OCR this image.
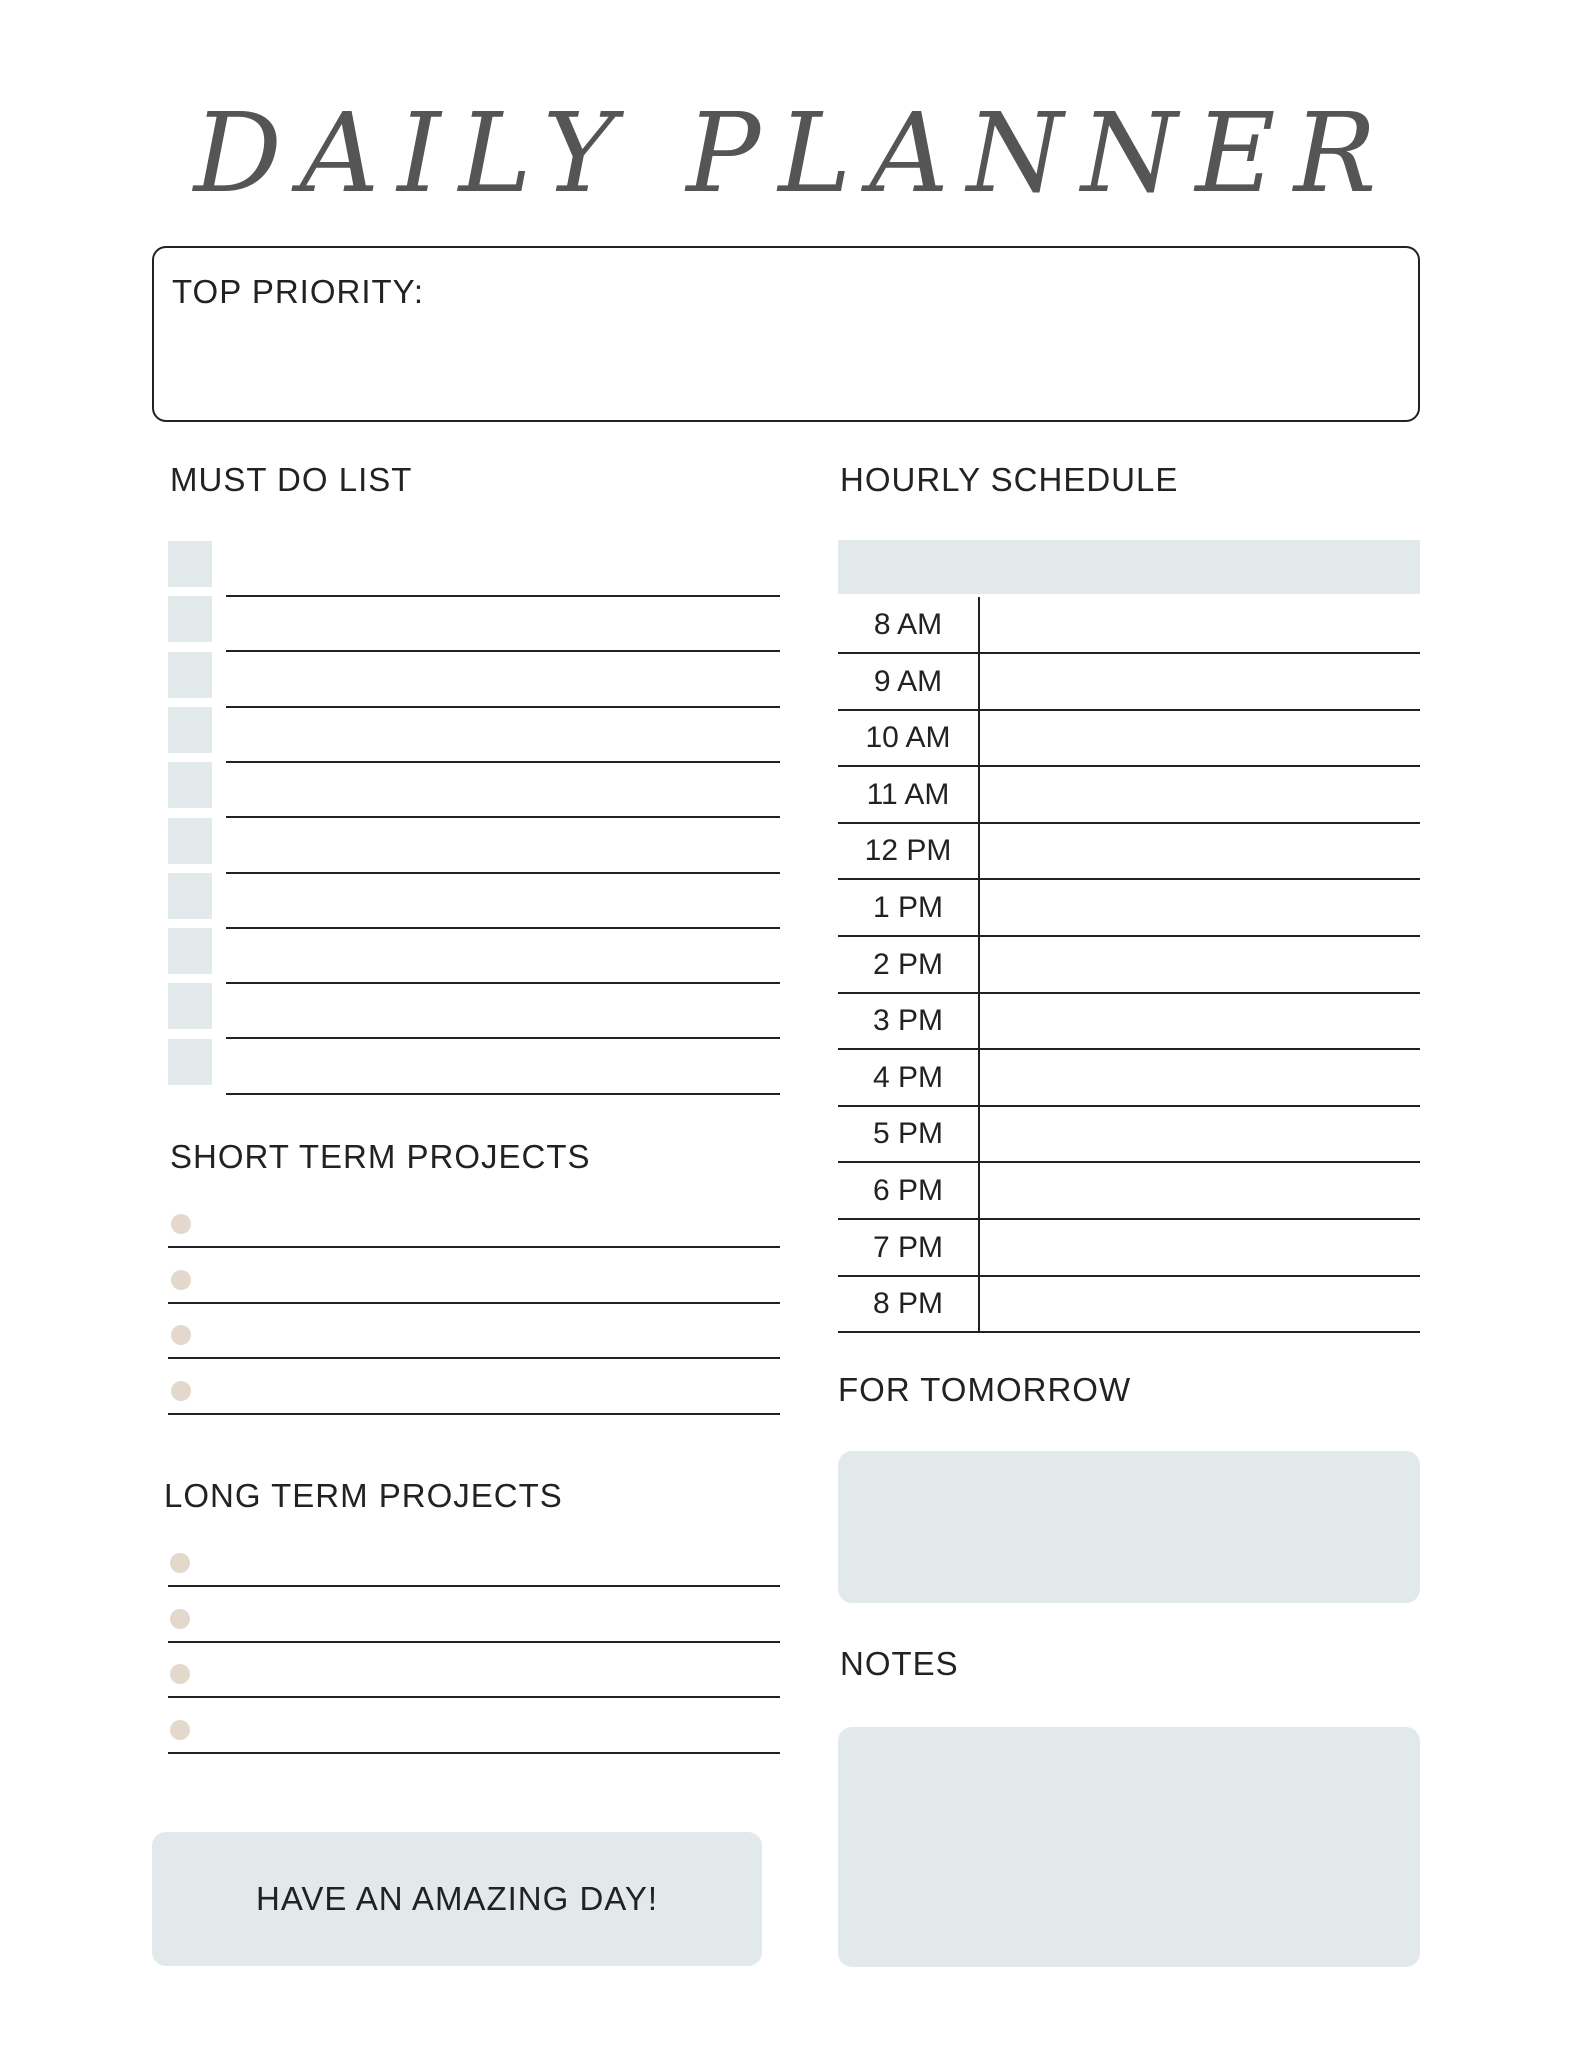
DAILY PLANNER
TOP PRIORITY:
MUST DO LIST
SHORT TERM PROJECTS
LONG TERM PROJECTS
HAVE AN AMAZING DAY!
HOURLY SCHEDULE
8 AM
9 AM
10 AM
11 AM
12 PM
1 PM
2 PM
3 PM
4 PM
5 PM
6 PM
7 PM
8 PM
FOR TOMORROW
NOTES
